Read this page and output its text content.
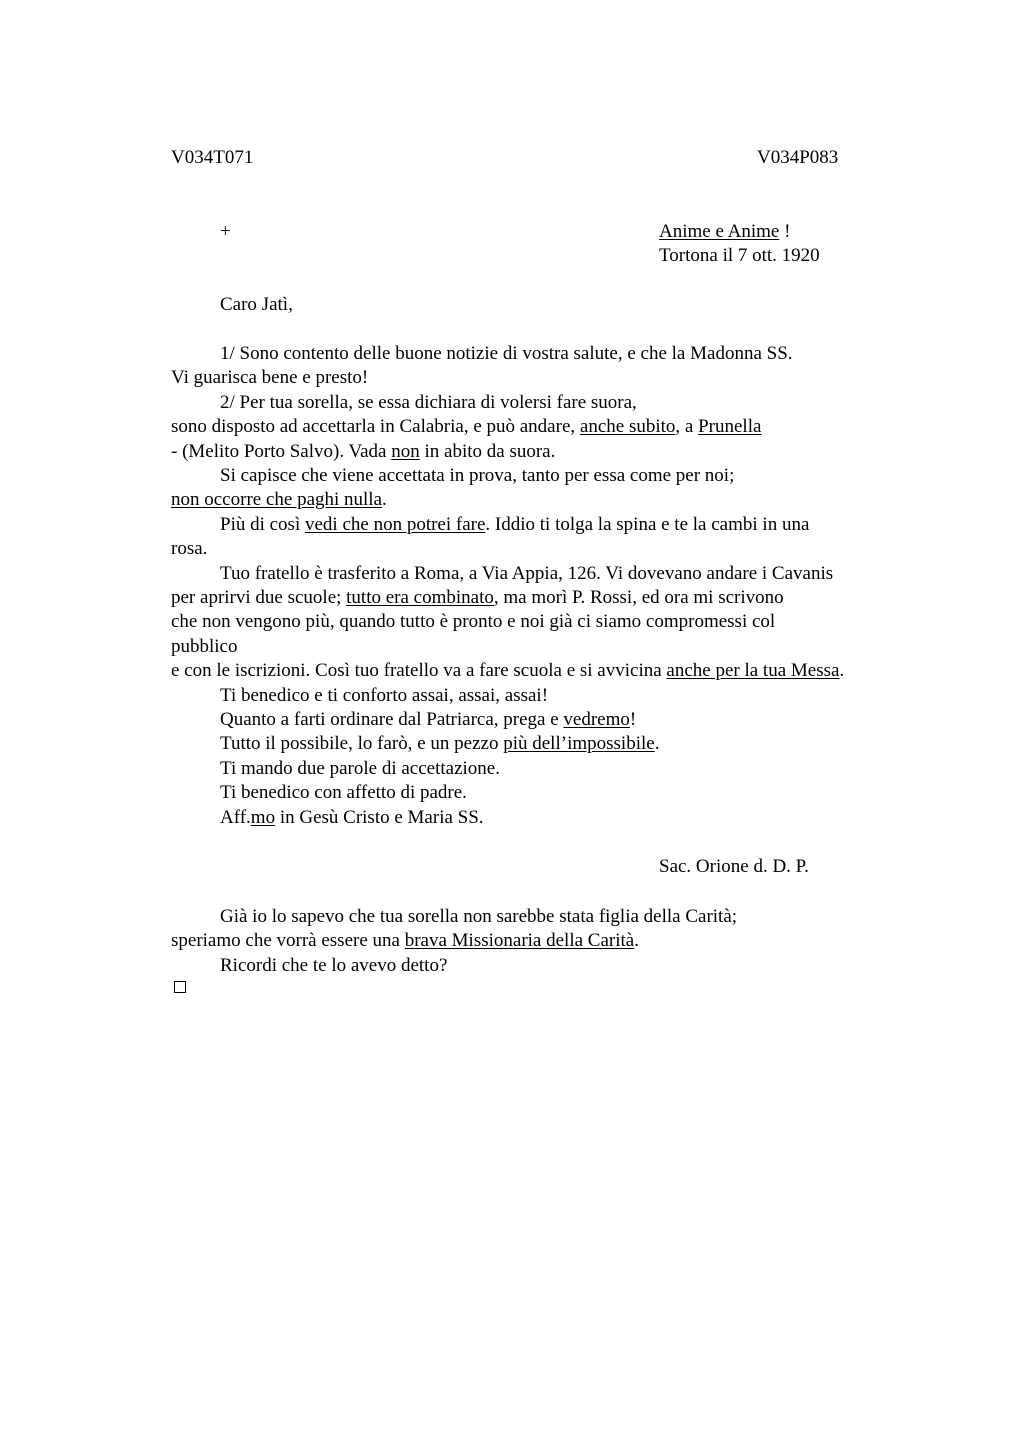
V034T071	V034P083
+	Anime e Anime !
Tortona il 7 ott. 1920
Caro Jatì,
1/ Sono contento delle buone notizie di vostra salute, e che la Madonna SS.
Vi guarisca bene e presto!
2/ Per tua sorella, se essa dichiara di volersi fare suora,
sono disposto ad accettarla in Calabria, e può andare, anche subito, a Prunella
- (Melito Porto Salvo). Vada non in abito da suora.
Si capisce che viene accettata in prova, tanto per essa come per noi;
non occorre che paghi nulla.
Più di così vedi che non potrei fare. Iddio ti tolga la spina e te la cambi in una
rosa.
Tuo fratello è trasferito a Roma, a Via Appia, 126. Vi dovevano andare i Cavanis
per aprirvi due scuole; tutto era combinato, ma morì P. Rossi, ed ora mi scrivono
che non vengono più, quando tutto è pronto e noi già ci siamo compromessi col
pubblico
e con le iscrizioni. Così tuo fratello va a fare scuola e si avvicina anche per la tua Messa.
Ti benedico e ti conforto assai, assai, assai!
Quanto a farti ordinare dal Patriarca, prega e vedremo!
Tutto il possibile, lo farò, e un pezzo più dell’impossibile.
Ti mando due parole di accettazione.
Ti benedico con affetto di padre.
Aff.mo in Gesù Cristo e Maria SS.
Sac. Orione d. D. P.
Già io lo sapevo che tua sorella non sarebbe stata figlia della Carità;
speriamo che vorrà essere una brava Missionaria della Carità.
Ricordi che te lo avevo detto?
